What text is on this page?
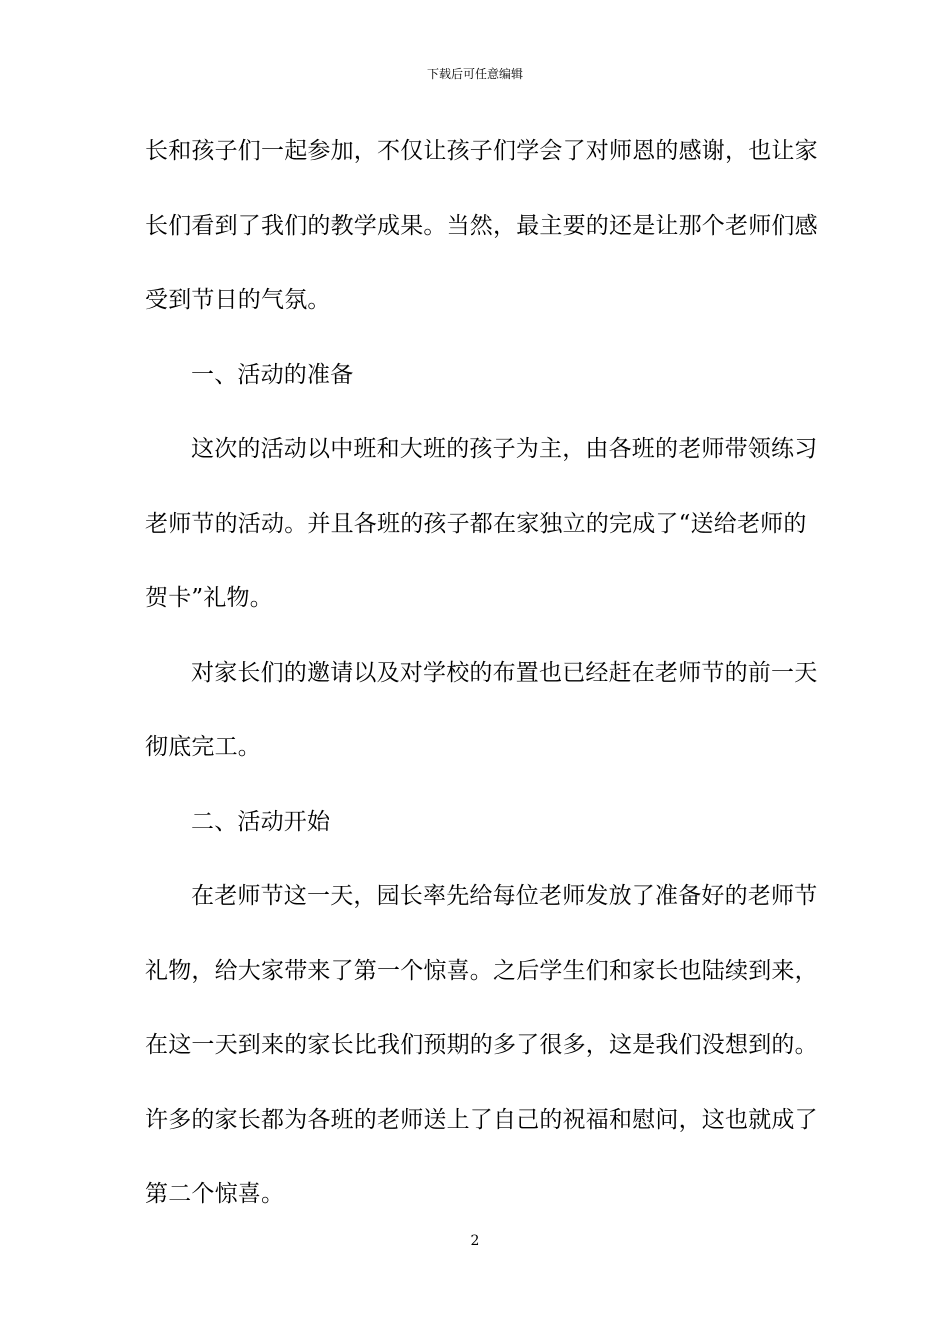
下载后可任意编辑
长和孩子们一起参加，不仅让孩子们学会了对师恩的感谢，也让家
长们看到了我们的教学成果。当然，最主要的还是让那个老师们感
受到节日的气氛。
一、活动的准备
这次的活动以中班和大班的孩子为主，由各班的老师带领练习
老师节的活动。并且各班的孩子都在家独立的完成了“送给老师的
贺卡”礼物。
对家长们的邀请以及对学校的布置也已经赶在老师节的前一天
彻底完工。
二、活动开始
在老师节这一天，园长率先给每位老师发放了准备好的老师节
礼物，给大家带来了第一个惊喜。之后学生们和家长也陆续到来，
在这一天到来的家长比我们预期的多了很多，这是我们没想到的。
许多的家长都为各班的老师送上了自己的祝福和慰问，这也就成了
第二个惊喜。
2
